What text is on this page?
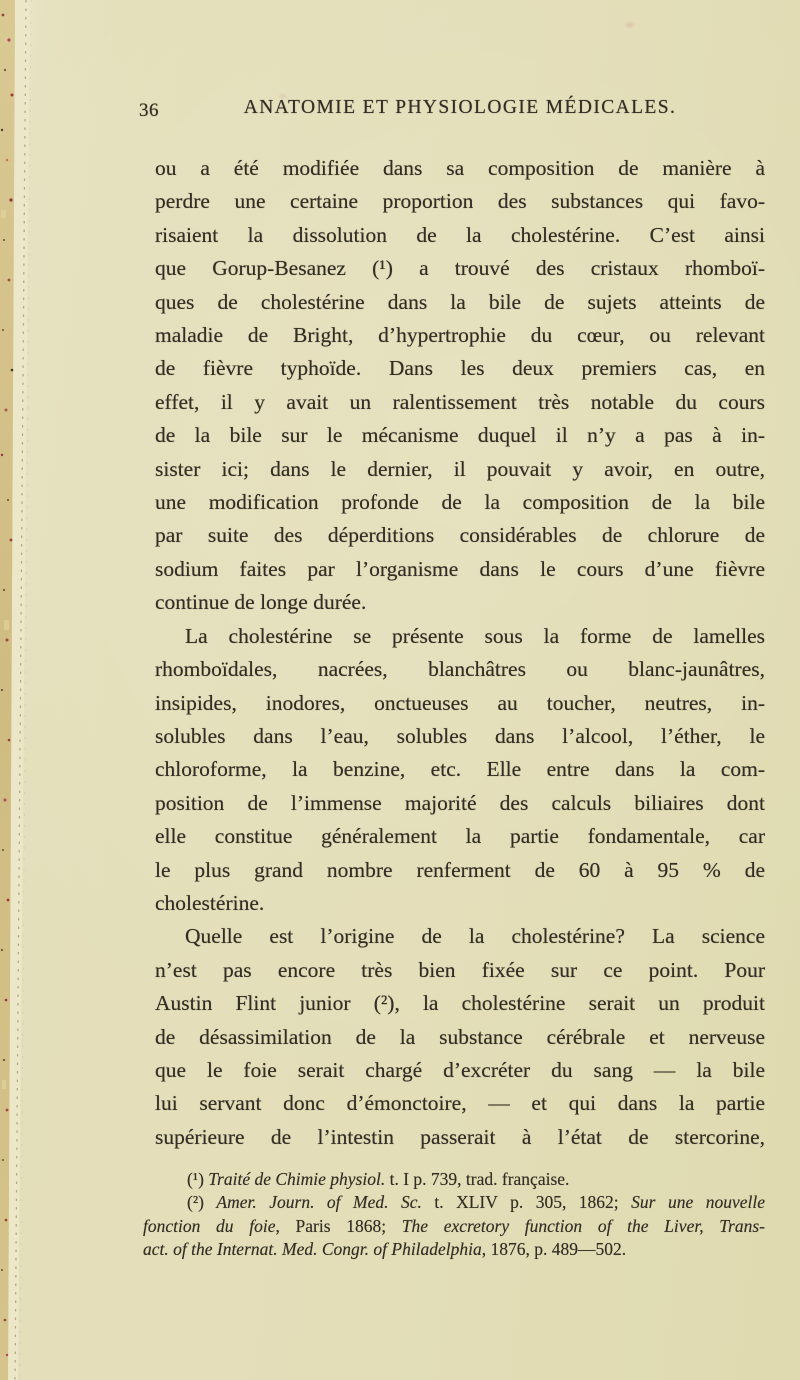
36	ANATOMIE ET PHYSIOLOGIE MÉDICALES.
ou a été modifiée dans sa composition de manière à
perdre une certaine proportion des substances qui favo-
risaient la dissolution de la cholestérine. C’est ainsi
que Gorup-Besanez (¹) a trouvé des cristaux rhomboï-
ques de cholestérine dans la bile de sujets atteints de
maladie de Bright, d’hypertrophie du cœur, ou relevant
de fièvre typhoïde. Dans les deux premiers cas, en
effet, il y avait un ralentissement très notable du cours
de la bile sur le mécanisme duquel il n’y a pas à in-
sister ici; dans le dernier, il pouvait y avoir, en outre,
une modification profonde de la composition de la bile
par suite des déperditions considérables de chlorure de
sodium faites par l’organisme dans le cours d’une fièvre
continue de longe durée.
La cholestérine se présente sous la forme de lamelles
rhomboïdales, nacrées, blanchâtres ou blanc-jaunâtres,
insipides, inodores, onctueuses au toucher, neutres, in-
solubles dans l’eau, solubles dans l’alcool, l’éther, le
chloroforme, la benzine, etc. Elle entre dans la com-
position de l’immense majorité des calculs biliaires dont
elle constitue généralement la partie fondamentale, car
le plus grand nombre renferment de 60 à 95 % de
cholestérine.
Quelle est l’origine de la cholestérine? La science
n’est pas encore très bien fixée sur ce point. Pour
Austin Flint junior (²), la cholestérine serait un produit
de désassimilation de la substance cérébrale et nerveuse
que le foie serait chargé d’excréter du sang — la bile
lui servant donc d’émonctoire, — et qui dans la partie
supérieure de l’intestin passerait à l’état de stercorine,
(¹) Traité de Chimie physiol. t. I p. 739, trad. française.
(²) Amer. Journ. of Med. Sc. t. XLIV p. 305, 1862; Sur une nouvelle
fonction du foie, Paris 1868; The excretory function of the Liver, Trans-
act. of the Internat. Med. Congr. of Philadelphia, 1876, p. 489—502.
